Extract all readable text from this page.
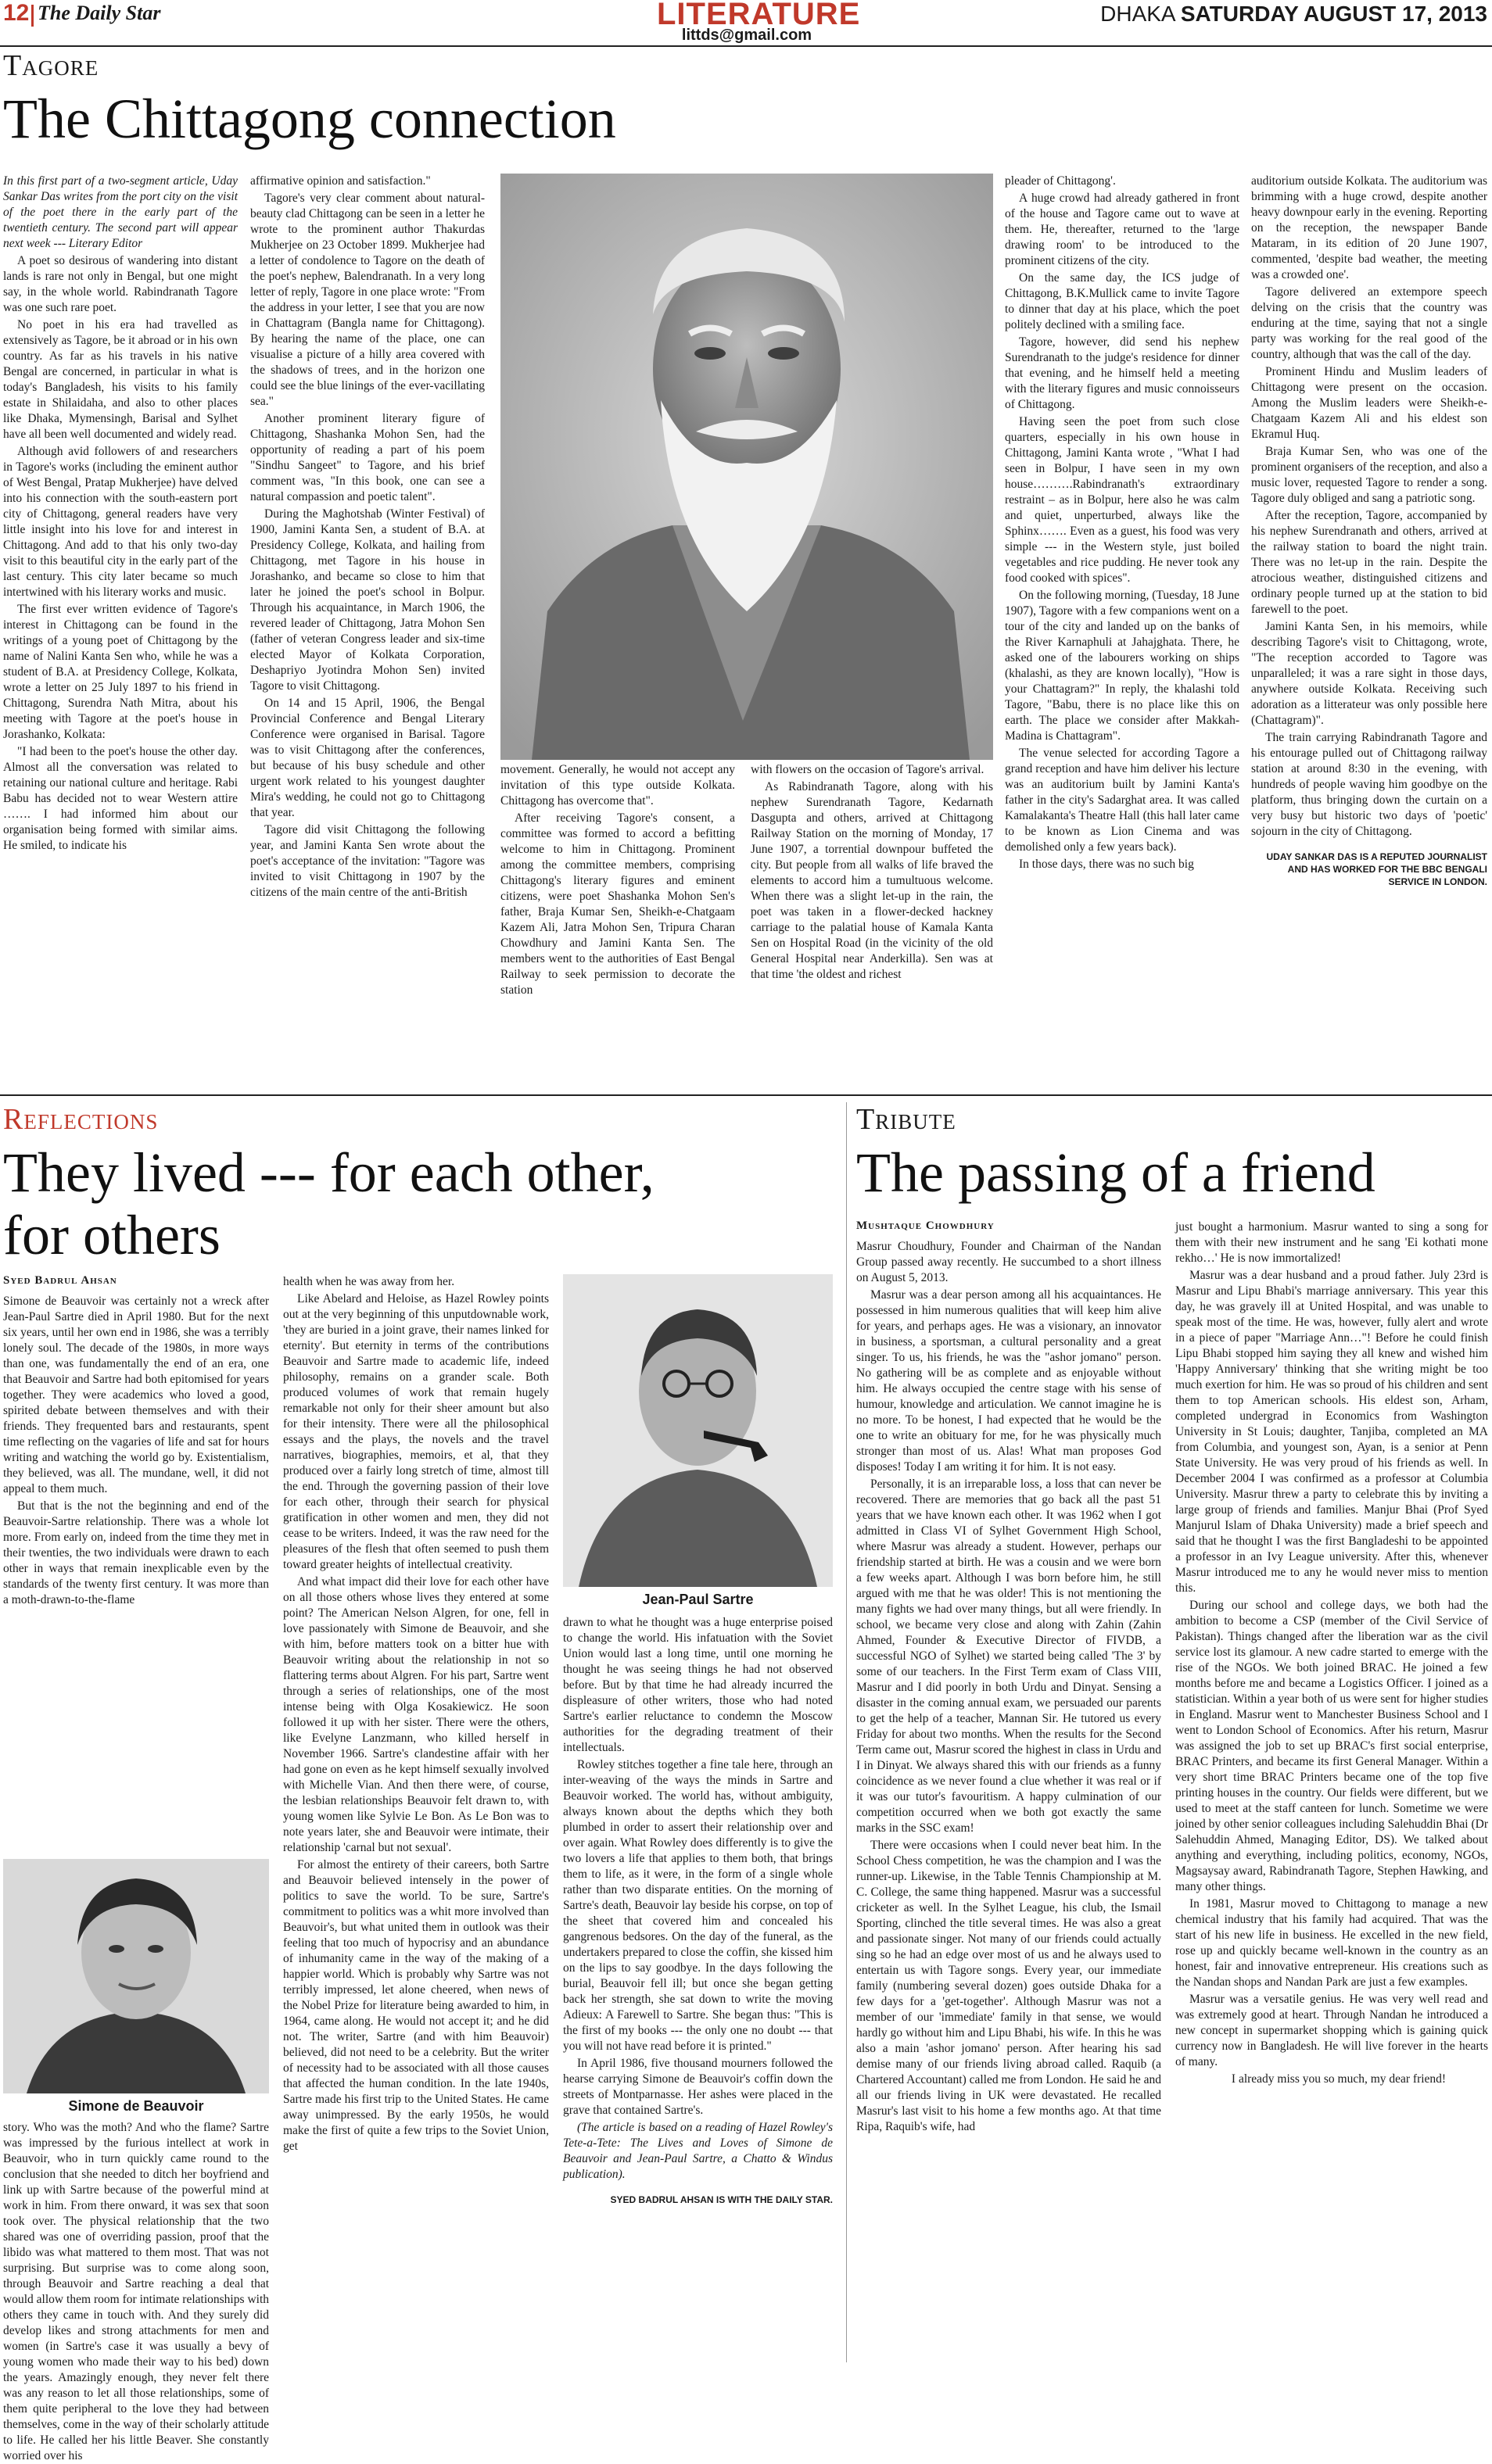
12 The Daily Star	LITERATURE
littds@gmail.com
DHAKA SATURDAY AUGUST 17, 2013
Tagore
The Chittagong connection

In this first part of a two-segment article, Uday Sankar Das writes from the port city on the visit of the poet there in the early part of the twentieth century. The second part will appear next week --- Literary Editor

A poet so desirous of wandering into distant lands is rare not only in Bengal, but one might say, in the whole world. Rabindranath Tagore was one such rare poet.

No poet in his era had travelled as extensively as Tagore, be it abroad or in his own country. As far as his travels in his native Bengal are concerned, in particular in what is today's Bangladesh, his visits to his family estate in Shilaidaha, and also to other places like Dhaka, Mymensingh, Barisal and Sylhet have all been well documented and widely read.

Although avid followers of and researchers in Tagore's works (including the eminent author of West Bengal, Pratap Mukherjee) have delved into his connection with the south-eastern port city of Chittagong, general readers have very little insight into his love for and interest in Chittagong. And add to that his only two-day visit to this beautiful city in the early part of the last century. This city later became so much intertwined with his literary works and music.

The first ever written evidence of Tagore's interest in Chittagong can be found in the writings of a young poet of Chittagong by the name of Nalini Kanta Sen who, while he was a student of B.A. at Presidency College, Kolkata, wrote a letter on 25 July 1897 to his friend in Chittagong, Surendra Nath Mitra, about his meeting with Tagore at the poet's house in Jorashanko, Kolkata:

"I had been to the poet's house the other day. Almost all the conversation was related to retaining our national culture and heritage. Rabi Babu has decided not to wear Western attire ……. I had informed him about our organisation being formed with similar aims. He smiled, to indicate his

affirmative opinion and satisfaction."

Tagore's very clear comment about natural-beauty clad Chittagong can be seen in a letter he wrote to the prominent author Thakurdas Mukherjee on 23 October 1899. Mukherjee had a letter of condolence to Tagore on the death of the poet's nephew, Balendranath. In a very long letter of reply, Tagore in one place wrote: "From the address in your letter, I see that you are now in Chattagram (Bangla name for Chittagong). By hearing the name of the place, one can visualise a picture of a hilly area covered with the shadows of trees, and in the horizon one could see the blue linings of the ever-vacillating sea."

Another prominent literary figure of Chittagong, Shashanka Mohon Sen, had the opportunity of reading a part of his poem "Sindhu Sangeet" to Tagore, and his brief comment was, "In this book, one can see a natural compassion and poetic talent".

During the Maghotshab (Winter Festival) of 1900, Jamini Kanta Sen, a student of B.A. at Presidency College, Kolkata, and hailing from Chittagong, met Tagore in his house in Jorashanko, and became so close to him that later he joined the poet's school in Bolpur. Through his acquaintance, in March 1906, the revered leader of Chittagong, Jatra Mohon Sen (father of veteran Congress leader and six-time elected Mayor of Kolkata Corporation, Deshapriyo Jyotindra Mohon Sen) invited Tagore to visit Chittagong.

On 14 and 15 April, 1906, the Bengal Provincial Conference and Bengal Literary Conference were organised in Barisal. Tagore was to visit Chittagong after the conferences, but because of his busy schedule and other urgent work related to his youngest daughter Mira's wedding, he could not go to Chittagong that year.

Tagore did visit Chittagong the following year, and Jamini Kanta Sen wrote about the poet's acceptance of the invitation: "Tagore was invited to visit Chittagong in 1907 by the citizens of the main centre of the anti-British

movement. Generally, he would not accept any invitation of this type outside Kolkata. Chittagong has overcome that".

After receiving Tagore's consent, a committee was formed to accord a befitting welcome to him in Chittagong. Prominent among the committee members, comprising Chittagong's literary figures and eminent citizens, were poet Shashanka Mohon Sen's father, Braja Kumar Sen, Sheikh-e-Chatgaam Kazem Ali, Jatra Mohon Sen, Tripura Charan Chowdhury and Jamini Kanta Sen. The members went to the authorities of East Bengal Railway to seek permission to decorate the station

with flowers on the occasion of Tagore's arrival.

As Rabindranath Tagore, along with his nephew Surendranath Tagore, Kedarnath Dasgupta and others, arrived at Chittagong Railway Station on the morning of Monday, 17 June 1907, a torrential downpour buffeted the city. But people from all walks of life braved the elements to accord him a tumultuous welcome. When there was a slight let-up in the rain, the poet was taken in a flower-decked hackney carriage to the palatial house of Kamala Kanta Sen on Hospital Road (in the vicinity of the old General Hospital near Anderkilla). Sen was at that time 'the oldest and richest

pleader of Chittagong'.

A huge crowd had already gathered in front of the house and Tagore came out to wave at them. He, thereafter, returned to the 'large drawing room' to be introduced to the prominent citizens of the city.

On the same day, the ICS judge of Chittagong, B.K.Mullick came to invite Tagore to dinner that day at his place, which the poet politely declined with a smiling face.

Tagore, however, did send his nephew Surendranath to the judge's residence for dinner that evening, and he himself held a meeting with the literary figures and music connoisseurs of Chittagong.

Having seen the poet from such close quarters, especially in his own house in Chittagong, Jamini Kanta wrote , "What I had seen in Bolpur, I have seen in my own house……….Rabindranath's extraordinary restraint – as in Bolpur, here also he was calm and quiet, unperturbed, always like the Sphinx……. Even as a guest, his food was very simple --- in the Western style, just boiled vegetables and rice pudding. He never took any food cooked with spices".

On the following morning, (Tuesday, 18 June 1907), Tagore with a few companions went on a tour of the city and landed up on the banks of the River Karnaphuli at Jahajghata. There, he asked one of the labourers working on ships (khalashi, as they are known locally), "How is your Chattagram?" In reply, the khalashi told Tagore, "Babu, there is no place like this on earth. The place we consider after Makkah-Madina is Chattagram".

The venue selected for according Tagore a grand reception and have him deliver his lecture was an auditorium built by Jamini Kanta's father in the city's Sadarghat area. It was called Kamalakanta's Theatre Hall (this hall later came to be known as Lion Cinema and was demolished only a few years back).

In those days, there was no such big

auditorium outside Kolkata. The auditorium was brimming with a huge crowd, despite another heavy downpour early in the evening. Reporting on the reception, the newspaper Bande Mataram, in its edition of 20 June 1907, commented, 'despite bad weather, the meeting was a crowded one'.

Tagore delivered an extempore speech delving on the crisis that the country was enduring at the time, saying that not a single party was working for the real good of the country, although that was the call of the day.

Prominent Hindu and Muslim leaders of Chittagong were present on the occasion. Among the Muslim leaders were Sheikh-e-Chatgaam Kazem Ali and his eldest son Ekramul Huq.

Braja Kumar Sen, who was one of the prominent organisers of the reception, and also a music lover, requested Tagore to render a song. Tagore duly obliged and sang a patriotic song.

After the reception, Tagore, accompanied by his nephew Surendranath and others, arrived at the railway station to board the night train. There was no let-up in the rain. Despite the atrocious weather, distinguished citizens and ordinary people turned up at the station to bid farewell to the poet.

Jamini Kanta Sen, in his memoirs, while describing Tagore's visit to Chittagong, wrote, "The reception accorded to Tagore was unparalleled; it was a rare sight in those days, anywhere outside Kolkata. Receiving such adoration as a litterateur was only possible here (Chattagram)".

The train carrying Rabindranath Tagore and his entourage pulled out of Chittagong railway station at around 8:30 in the evening, with hundreds of people waving him goodbye on the platform, thus bringing down the curtain on a very busy but historic two days of 'poetic' sojourn in the city of Chittagong.

UDAY SANKAR DAS IS A REPUTED JOURNALIST AND HAS WORKED FOR THE BBC BENGALI SERVICE IN LONDON.

Reflections
They lived --- for each other,
for others

Syed Badrul Ahsan

Simone de Beauvoir was certainly not a wreck after Jean-Paul Sartre died in April 1980. But for the next six years, until her own end in 1986, she was a terribly lonely soul. The decade of the 1980s, in more ways than one, was fundamentally the end of an era, one that Beauvoir and Sartre had both epitomised for years together. They were academics who loved a good, spirited debate between themselves and with their friends. They frequented bars and restaurants, spent time reflecting on the vagaries of life and sat for hours writing and watching the world go by. Existentialism, they believed, was all. The mundane, well, it did not appeal to them much.

But that is the not the beginning and end of the Beauvoir-Sartre relationship. There was a whole lot more. From early on, indeed from the time they met in their twenties, the two individuals were drawn to each other in ways that remain inexplicable even by the standards of the twenty first century. It was more than a moth-drawn-to-the-flame

Simone de Beauvoir

story. Who was the moth? And who the flame? Sartre was impressed by the furious intellect at work in Beauvoir, who in turn quickly came round to the conclusion that she needed to ditch her boyfriend and link up with Sartre because of the powerful mind at work in him. From there onward, it was sex that soon took over. The physical relationship that the two shared was one of overriding passion, proof that the libido was what mattered to them most. That was not surprising. But surprise was to come along soon, through Beauvoir and Sartre reaching a deal that would allow them room for intimate relationships with others they came in touch with. And they surely did develop likes and strong attachments for men and women (in Sartre's case it was usually a bevy of young women who made their way to his bed) down the years. Amazingly enough, they never felt there was any reason to let all those relationships, some of them quite peripheral to the love they had between themselves, come in the way of their scholarly attitude to life. He called her his little Beaver. She constantly worried over his

health when he was away from her.

Like Abelard and Heloise, as Hazel Rowley points out at the very beginning of this unputdownable work, 'they are buried in a joint grave, their names linked for eternity'. But eternity in terms of the contributions Beauvoir and Sartre made to academic life, indeed philosophy, remains on a grander scale. Both produced volumes of work that remain hugely remarkable not only for their sheer amount but also for their intensity. There were all the philosophical essays and the plays, the novels and the travel narratives, biographies, memoirs, et al, that they produced over a fairly long stretch of time, almost till the end. Through the governing passion of their love for each other, through their search for physical gratification in other women and men, they did not cease to be writers. Indeed, it was the raw need for the pleasures of the flesh that often seemed to push them toward greater heights of intellectual creativity.

And what impact did their love for each other have on all those others whose lives they entered at some point? The American Nelson Algren, for one, fell in love passionately with Simone de Beauvoir, and she with him, before matters took on a bitter hue with Beauvoir writing about the relationship in not so flattering terms about Algren. For his part, Sartre went through a series of relationships, one of the most intense being with Olga Kosakiewicz. He soon followed it up with her sister. There were the others, like Evelyne Lanzmann, who killed herself in November 1966. Sartre's clandestine affair with her had gone on even as he kept himself sexually involved with Michelle Vian. And then there were, of course, the lesbian relationships Beauvoir felt drawn to, with young women like Sylvie Le Bon. As Le Bon was to note years later, she and Beauvoir were intimate, their relationship 'carnal but not sexual'.

For almost the entirety of their careers, both Sartre and Beauvoir believed intensely in the power of politics to save the world. To be sure, Sartre's commitment to politics was a whit more involved than Beauvoir's, but what united them in outlook was their feeling that too much of hypocrisy and an abundance of inhumanity came in the way of the making of a happier world. Which is probably why Sartre was not terribly impressed, let alone cheered, when news of the Nobel Prize for literature being awarded to him, in 1964, came along. He would not accept it; and he did not. The writer, Sartre (and with him Beauvoir) believed, did not need to be a celebrity. But the writer of necessity had to be associated with all those causes that affected the human condition. In the late 1940s, Sartre made his first trip to the United States. He came away unimpressed. By the early 1950s, he would make the first of quite a few trips to the Soviet Union, get

Jean-Paul Sartre

drawn to what he thought was a huge enterprise poised to change the world. His infatuation with the Soviet Union would last a long time, until one morning he thought he was seeing things he had not observed before. But by that time he had already incurred the displeasure of other writers, those who had noted Sartre's earlier reluctance to condemn the Moscow authorities for the degrading treatment of their intellectuals.

Rowley stitches together a fine tale here, through an inter-weaving of the ways the minds in Sartre and Beauvoir worked. The world has, without ambiguity, always known about the depths which they both plumbed in order to assert their relationship over and over again. What Rowley does differently is to give the two lovers a life that applies to them both, that brings them to life, as it were, in the form of a single whole rather than two disparate entities. On the morning of Sartre's death, Beauvoir lay beside his corpse, on top of the sheet that covered him and concealed his gangrenous bedsores. On the day of the funeral, as the undertakers prepared to close the coffin, she kissed him on the lips to say goodbye. In the days following the burial, Beauvoir fell ill; but once she began getting back her strength, she sat down to write the moving Adieux: A Farewell to Sartre. She began thus: "This is the first of my books --- the only one no doubt --- that you will not have read before it is printed."

In April 1986, five thousand mourners followed the hearse carrying Simone de Beauvoir's coffin down the streets of Montparnasse. Her ashes were placed in the grave that contained Sartre's.

(The article is based on a reading of Hazel Rowley's Tete-a-Tete: The Lives and Loves of Simone de Beauvoir and Jean-Paul Sartre, a Chatto & Windus publication).

SYED BADRUL AHSAN IS WITH THE DAILY STAR.

Tribute
The passing of a friend

Mushtaque Chowdhury

Masrur Choudhury, Founder and Chairman of the Nandan Group passed away recently. He succumbed to a short illness on August 5, 2013.

Masrur was a dear person among all his acquaintances. He possessed in him numerous qualities that will keep him alive for years, and perhaps ages. He was a visionary, an innovator in business, a sportsman, a cultural personality and a great singer. To us, his friends, he was the "ashor jomano" person. No gathering will be as complete and as enjoyable without him. He always occupied the centre stage with his sense of humour, knowledge and articulation. We cannot imagine he is no more. To be honest, I had expected that he would be the one to write an obituary for me, for he was physically much stronger than most of us. Alas! What man proposes God disposes! Today I am writing it for him. It is not easy.

Personally, it is an irreparable loss, a loss that can never be recovered. There are memories that go back all the past 51 years that we have known each other. It was 1962 when I got admitted in Class VI of Sylhet Government High School, where Masrur was already a student. However, perhaps our friendship started at birth. He was a cousin and we were born a few weeks apart. Although I was born before him, he still argued with me that he was older! This is not mentioning the many fights we had over many things, but all were friendly. In school, we became very close and along with Zahin (Zahin Ahmed, Founder & Executive Director of FIVDB, a successful NGO of Sylhet) we started being called 'The 3' by some of our teachers. In the First Term exam of Class VIII, Masrur and I did poorly in both Urdu and Dinyat. Sensing a disaster in the coming annual exam, we persuaded our parents to get the help of a teacher, Mannan Sir. He tutored us every Friday for about two months. When the results for the Second Term came out, Masrur scored the highest in class in Urdu and I in Dinyat. We always shared this with our friends as a funny coincidence as we never found a clue whether it was real or if it was our tutor's favouritism. A happy culmination of our competition occurred when we both got exactly the same marks in the SSC exam!

There were occasions when I could never beat him. In the School Chess competition, he was the champion and I was the runner-up. Likewise, in the Table Tennis Championship at M. C. College, the same thing happened. Masrur was a successful cricketer as well. In the Sylhet League, his club, the Ismail Sporting, clinched the title several times. He was also a great and passionate singer. Not many of our friends could actually sing so he had an edge over most of us and he always used to entertain us with Tagore songs. Every year, our immediate family (numbering several dozen) goes outside Dhaka for a few days for a 'get-together'. Although Masrur was not a member of our 'immediate' family in that sense, we would hardly go without him and Lipu Bhabi, his wife. In this he was also a main 'ashor jomano' person. After hearing his sad demise many of our friends living abroad called. Raquib (a Chartered Accountant) called me from London. He said he and all our friends living in UK were devastated. He recalled Masrur's last visit to his home a few months ago. At that time Ripa, Raquib's wife, had

just bought a harmonium. Masrur wanted to sing a song for them with their new instrument and he sang 'Ei kothati mone rekho…' He is now immortalized!

Masrur was a dear husband and a proud father. July 23rd is Masrur and Lipu Bhabi's marriage anniversary. This year this day, he was gravely ill at United Hospital, and was unable to speak most of the time. He was, however, fully alert and wrote in a piece of paper "Marriage Ann…"! Before he could finish Lipu Bhabi stopped him saying they all knew and wished him 'Happy Anniversary' thinking that she writing might be too much exertion for him. He was so proud of his children and sent them to top American schools. His eldest son, Arham, completed undergrad in Economics from Washington University in St Louis; daughter, Tanjiba, completed an MA from Columbia, and youngest son, Ayan, is a senior at Penn State University. He was very proud of his friends as well. In December 2004 I was confirmed as a professor at Columbia University. Masrur threw a party to celebrate this by inviting a large group of friends and families. Manjur Bhai (Prof Syed Manjurul Islam of Dhaka University) made a brief speech and said that he thought I was the first Bangladeshi to be appointed a professor in an Ivy League university. After this, whenever Masrur introduced me to any he would never miss to mention this.

During our school and college days, we both had the ambition to become a CSP (member of the Civil Service of Pakistan). Things changed after the liberation war as the civil service lost its glamour. A new cadre started to emerge with the rise of the NGOs. We both joined BRAC. He joined a few months before me and became a Logistics Officer. I joined as a statistician. Within a year both of us were sent for higher studies in England. Masrur went to Manchester Business School and I went to London School of Economics. After his return, Masrur was assigned the job to set up BRAC's first social enterprise, BRAC Printers, and became its first General Manager. Within a very short time BRAC Printers became one of the top five printing houses in the country. Our fields were different, but we used to meet at the staff canteen for lunch. Sometime we were joined by other senior colleagues including Salehuddin Bhai (Dr Salehuddin Ahmed, Managing Editor, DS). We talked about anything and everything, including politics, economy, NGOs, Magsaysay award, Rabindranath Tagore, Stephen Hawking, and many other things.

In 1981, Masrur moved to Chittagong to manage a new chemical industry that his family had acquired. That was the start of his new life in business. He excelled in the new field, rose up and quickly became well-known in the country as an honest, fair and innovative entrepreneur. His creations such as the Nandan shops and Nandan Park are just a few examples.

Masrur was a versatile genius. He was very well read and was extremely good at heart. Through Nandan he introduced a new concept in supermarket shopping which is gaining quick currency now in Bangladesh. He will live forever in the hearts of many.

I already miss you so much, my dear friend!
